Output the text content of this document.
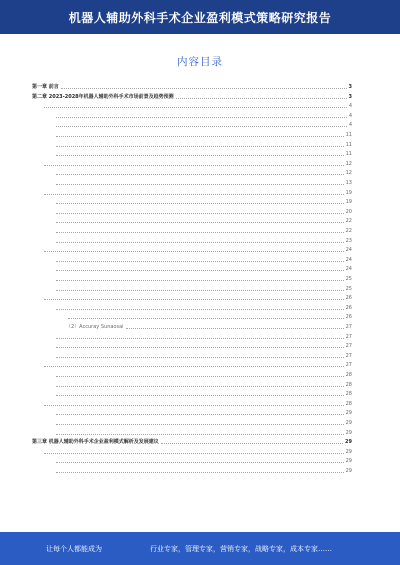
机器人辅助外科手术企业盈利模式策略研究报告
内容目录
第一章 前言	3
第二章 2023-2028年机器人辅助外科手术市场前景及趋势预测	3
4
4
4
11
11
11
12
12
13
19
19
20
22
22
23
24
24
24
25
25
26
26
26
（2）Accuray Sunaosai	27
27
27
27
27
28
28
28
28
29
29
29
第三章 机器人辅助外科手术企业盈利模式解析及发展建议	29
29
29
29
让每个人都能成为	行业专家，管理专家，营销专家，战略专家，成本专家……
